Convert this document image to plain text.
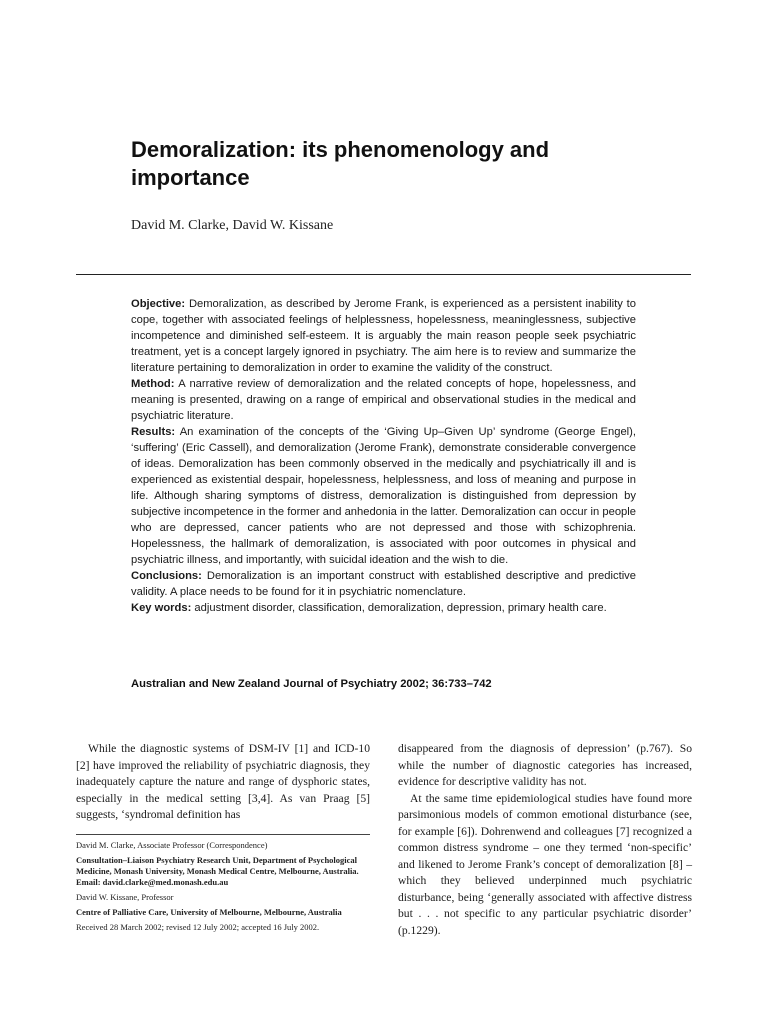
Demoralization: its phenomenology and importance
David M. Clarke, David W. Kissane

Objective: Demoralization, as described by Jerome Frank, is experienced as a persistent inability to cope, together with associated feelings of helplessness, hopelessness, meaninglessness, subjective incompetence and diminished self-esteem. It is arguably the main reason people seek psychiatric treatment, yet is a concept largely ignored in psychiatry. The aim here is to review and summarize the literature pertaining to demoralization in order to examine the validity of the construct.

Method: A narrative review of demoralization and the related concepts of hope, hopelessness, and meaning is presented, drawing on a range of empirical and observational studies in the medical and psychiatric literature.

Results: An examination of the concepts of the ‘Giving Up–Given Up’ syndrome (George Engel), ‘suffering’ (Eric Cassell), and demoralization (Jerome Frank), demonstrate considerable convergence of ideas. Demoralization has been commonly observed in the medically and psychiatrically ill and is experienced as existential despair, hopelessness, helplessness, and loss of meaning and purpose in life. Although sharing symptoms of distress, demoralization is distinguished from depression by subjective incompetence in the former and anhedonia in the latter. Demoralization can occur in people who are depressed, cancer patients who are not depressed and those with schizophrenia. Hopelessness, the hallmark of demoralization, is associated with poor outcomes in physical and psychiatric illness, and importantly, with suicidal ideation and the wish to die.

Conclusions: Demoralization is an important construct with established descriptive and predictive validity. A place needs to be found for it in psychiatric nomenclature.

Key words: adjustment disorder, classification, demoralization, depression, primary health care.

Australian and New Zealand Journal of Psychiatry 2002; 36:733–742

While the diagnostic systems of DSM-IV [1] and ICD-10 [2] have improved the reliability of psychiatric diagnosis, they inadequately capture the nature and range of dysphoric states, especially in the medical setting [3,4]. As van Praag [5] suggests, ‘syndromal definition has

David M. Clarke, Associate Professor (Correspondence)

Consultation–Liaison Psychiatry Research Unit, Department of Psychological Medicine, Monash University, Monash Medical Centre, Melbourne, Australia. Email: david.clarke@med.monash.edu.au

David W. Kissane, Professor

Centre of Palliative Care, University of Melbourne, Melbourne, Australia

Received 28 March 2002; revised 12 July 2002; accepted 16 July 2002.

disappeared from the diagnosis of depression’ (p.767). So while the number of diagnostic categories has increased, evidence for descriptive validity has not.

At the same time epidemiological studies have found more parsimonious models of common emotional disturbance (see, for example [6]). Dohrenwend and colleagues [7] recognized a common distress syndrome – one they termed ‘non-specific’ and likened to Jerome Frank’s concept of demoralization [8] – which they believed underpinned much psychiatric disturbance, being ‘generally associated with affective distress but . . . not specific to any particular psychiatric disorder’ (p.1229).
